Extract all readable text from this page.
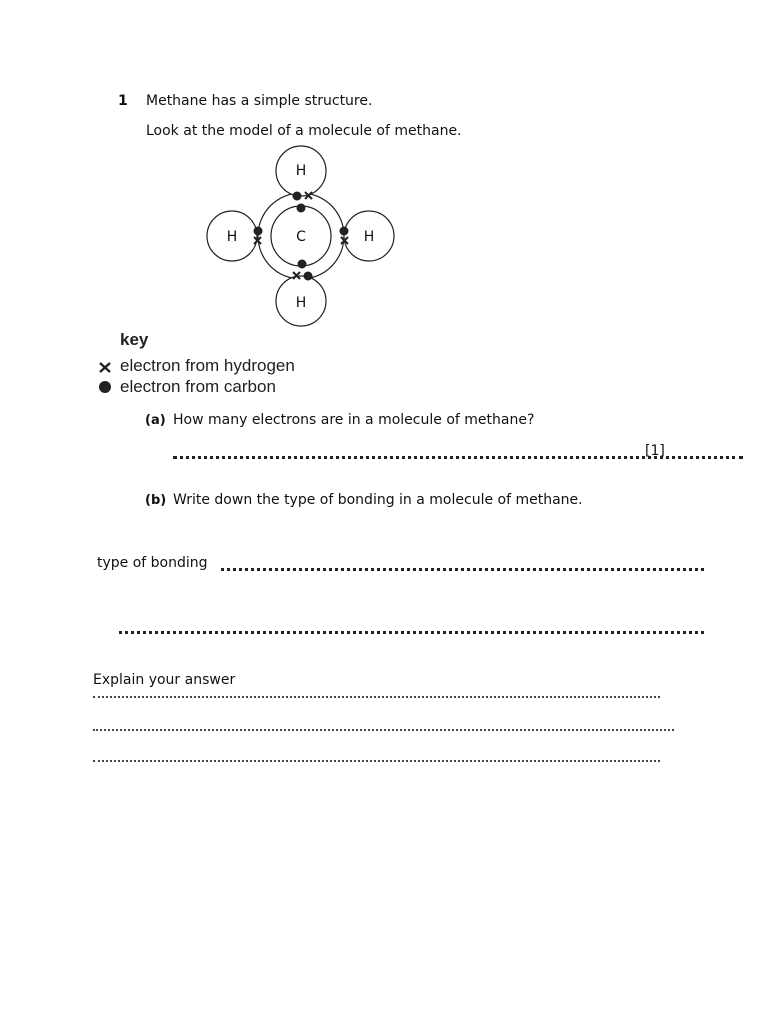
1 Methane has a simple structure.
Look at the model of a molecule of methane.
C
H
H
H	H
key
electron from hydrogen
electron from carbon
(a) How many electrons are in a molecule of methane?
[1]
(b) Write down the type of bonding in a molecule of methane.
type of bonding
Explain your answer
